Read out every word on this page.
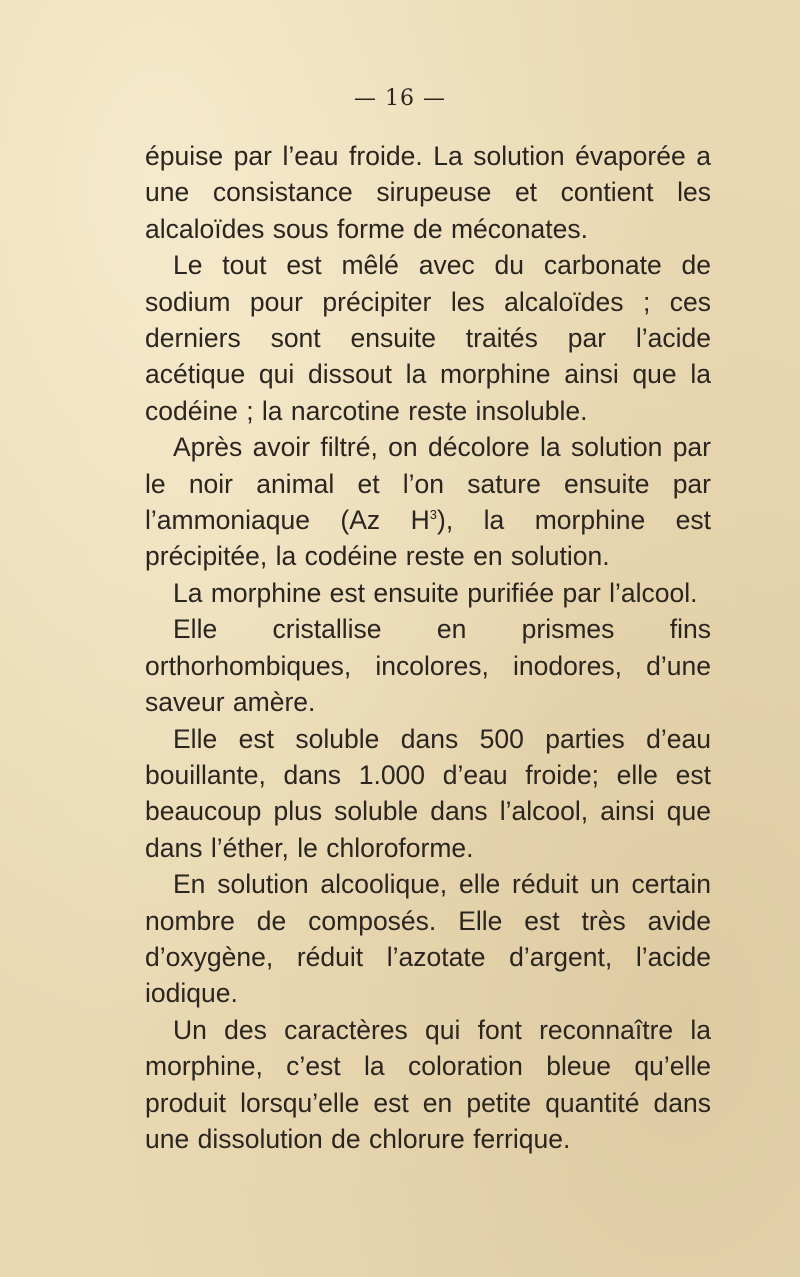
— 16 —

épuise par l’eau froide. La solution évaporée a une consistance sirupeuse et contient les alcaloïdes sous forme de méconates.

Le tout est mêlé avec du carbonate de sodium pour précipiter les alcaloïdes ; ces derniers sont ensuite traités par l’acide acétique qui dissout la morphine ainsi que la codéine ; la narcotine reste insoluble.

Après avoir filtré, on décolore la solution par le noir animal et l’on sature ensuite par l’ammoniaque (Az $H^3$), la morphine est précipitée, la codéine reste en solution.

La morphine est ensuite purifiée par l’alcool.

Elle cristallise en prismes fins orthorhombiques, incolores, inodores, d’une saveur amère.

Elle est soluble dans 500 parties d’eau bouillante, dans 1.000 d’eau froide; elle est beaucoup plus soluble dans l’alcool, ainsi que dans l’éther, le chloroforme.

En solution alcoolique, elle réduit un certain nombre de composés. Elle est très avide d’oxygène, réduit l’azotate d’argent, l’acide iodique.

Un des caractères qui font reconnaître la morphine, c’est la coloration bleue qu’elle produit lorsqu’elle est en petite quantité dans une dissolution de chlorure ferrique.
